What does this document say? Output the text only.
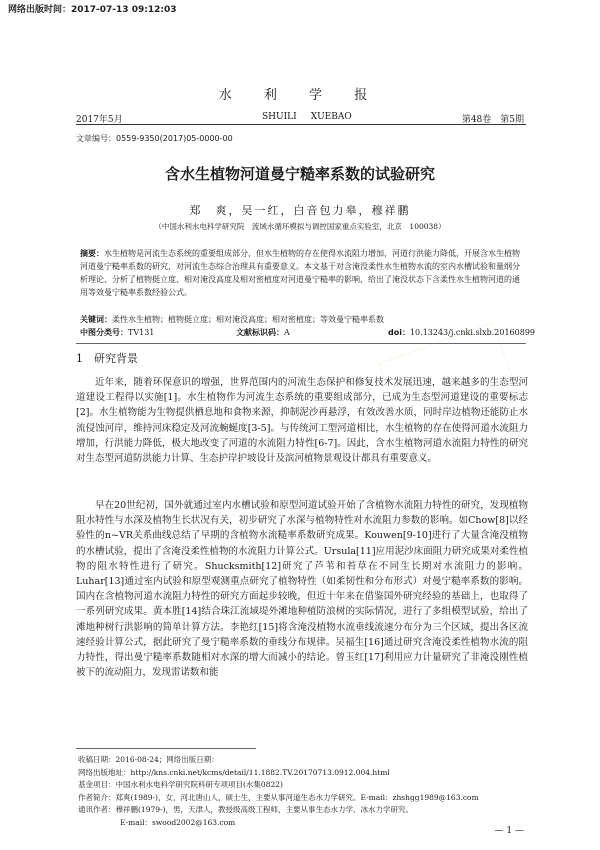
网络出版时间：2017-07-13 09:12:03
水 利 学 报
2017年5月	SHUILI XUEBAO	第48卷　第5期
文章编号：0559-9350(2017)05-0000-00
含水生植物河道曼宁糙率系数的试验研究
郑　爽，吴一红，白音包力皋，穆祥鹏
（中国水利水电科学研究院　流域水循环模拟与调控国家重点实验室，北京　100038）
摘要：水生植物是河流生态系统的重要组成部分，但水生植物的存在使得水流阻力增加，河道行洪能力降低，开展含水生植物河道曼宁糙率系数的研究，对河流生态综合治理具有重要意义。本文基于对含淹没柔性水生植物水流的室内水槽试验和量纲分析理论、分析了植物挺立度、相对淹没高度及相对密植度对河道曼宁糙率的影响，给出了淹没状态下含柔性水生植物河道的通用等效曼宁糙率系数经验公式。
关键词：柔性水生植物；植物挺立度；相对淹没高度；相对密植度；等效曼宁糙率系数
中图分类号：TV131	文献标识码：A	doi：10.13243/j.cnki.slxb.20160899
1　研究背景
近年来，随着环保意识的增强，世界范围内的河流生态保护和修复技术发展迅速，越来越多的生态型河道建设工程得以实施[1]。水生植物作为河流生态系统的重要组成部分，已成为生态型河道建设的重要标志[2]。水生植物能为生物提供栖息地和食物来源，抑制泥沙再悬浮，有效改善水质，同时岸边植物还能防止水流侵蚀河岸，维持河床稳定及河流蜿蜒度[3-5]。与传统河工型河道相比，水生植物的存在使得河道水流阻力增加，行洪能力降低，极大地改变了河道的水流阻力特性[6-7]。因此，含水生植物河道水流阻力特性的研究对生态型河道防洪能力计算、生态护岸护坡设计及滨河植物景观设计都具有重要意义。
早在20世纪初，国外就通过室内水槽试验和原型河道试验开始了含植物水流阻力特性的研究，发现植物阻水特性与水深及植物生长状况有关，初步研究了水深与植物特性对水流阻力参数的影响。如Chow[8]以经验性的n~VR关系曲线总结了早期的含植物水流糙率系数研究成果。Kouwen[9-10]进行了大量含淹没植物的水槽试验，提出了含淹没柔性植物的水流阻力计算公式。Ursula[11]应用泥沙床面阻力研究成果对柔性植物的阻水特性进行了研究。Shucksmith[12]研究了芦苇和苔草在不同生长期对水流阻力的影响。Luhar[13]通过室内试验和原型观测重点研究了植物特性（如柔韧性和分布形式）对曼宁糙率系数的影响。国内在含植物河道水流阻力特性的研究方面起步较晚，但近十年来在借鉴国外研究经验的基础上，也取得了一系列研究成果。黄本胜[14]结合珠江流域堤外滩地种植防浪树的实际情况，进行了多组模型试验，给出了滩地种树行洪影响的简单计算方法。李艳红[15]将含淹没植物水流垂线流速分布分为三个区域，提出各区流速经验计算公式，据此研究了曼宁糙率系数的垂线分布规律。吴福生[16]通过研究含淹没柔性植物水流的阻力特性，得出曼宁糙率系数随相对水深的增大而减小的结论。曾玉红[17]利用应力计量研究了非淹没刚性植被下的流动阻力，发现雷诺数和能
收稿日期：2016-08-24；网络出版日期：
网络出版地址：http://kns.cnki.net/kcms/detail/11.1882.TV.20170713.0912.004.html
基金项目：中国水利水电科学研究院科研专项项目(水集0822)
作者简介：郑爽(1989-)，女，河北唐山人，硕士生，主要从事河道生态水力学研究。E-mail：zhshgg1989@163.com
通讯作者：穆祥鹏(1979-)，男，天津人，教授级高级工程师，主要从事生态水力学、冰水力学研究。
E-mail：swood2002@163.com
— 1 —
